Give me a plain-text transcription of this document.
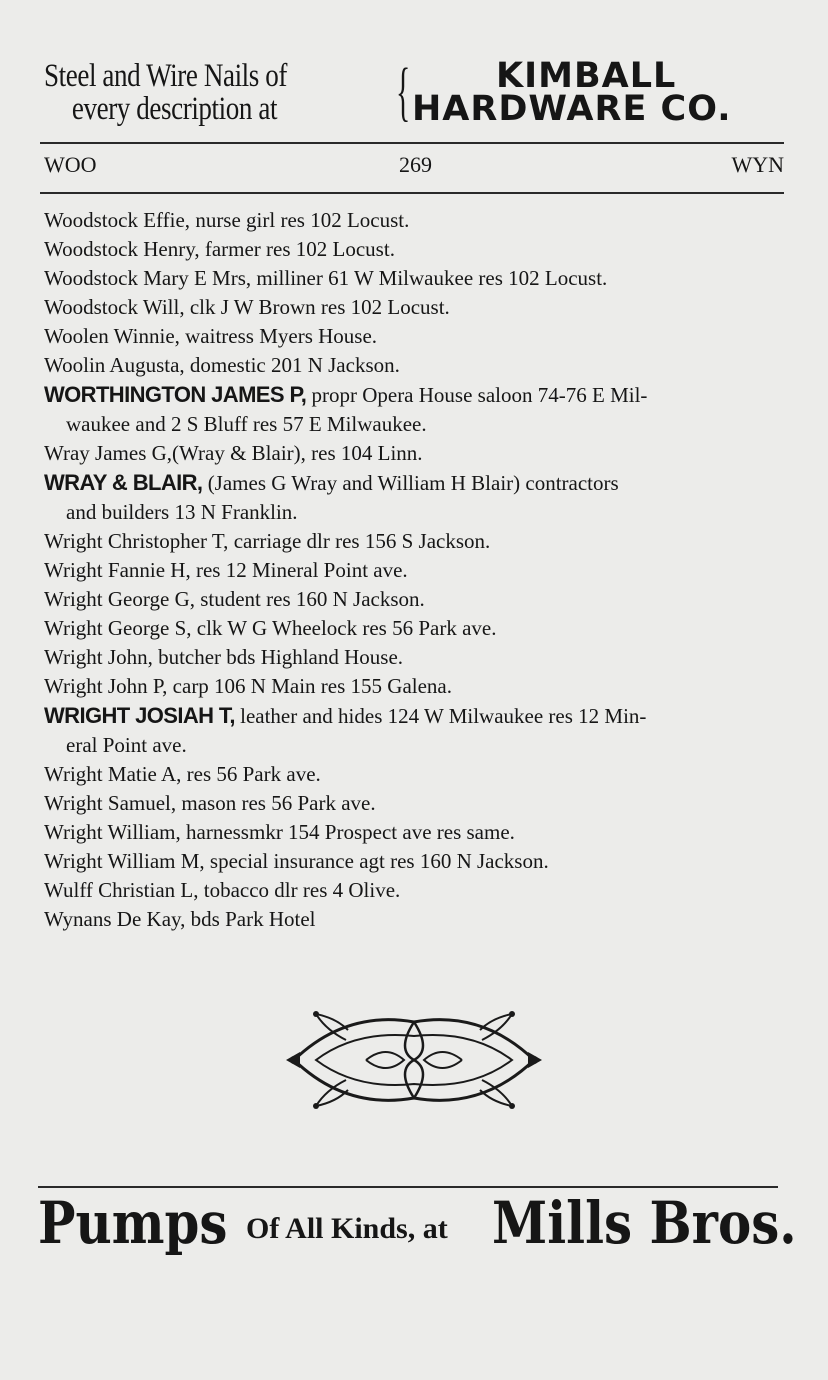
Steel and Wire Nails of
every description at	{	KIMBALL
HARDWARE CO.
WOO	269	WYN
Woodstock Effie, nurse girl res 102 Locust.
Woodstock Henry, farmer res 102 Locust.
Woodstock Mary E Mrs, milliner 61 W Milwaukee res 102 Locust.
Woodstock Will, clk J W Brown res 102 Locust.
Woolen Winnie, waitress Myers House.
Woolin Augusta, domestic 201 N Jackson.
WORTHINGTON JAMES P, propr Opera House saloon 74-76 E Mil-
waukee and 2 S Bluff res 57 E Milwaukee.
Wray James G,(Wray & Blair), res 104 Linn.
WRAY & BLAIR, (James G Wray and William H Blair) contractors
and builders 13 N Franklin.
Wright Christopher T, carriage dlr res 156 S Jackson.
Wright Fannie H, res 12 Mineral Point ave.
Wright George G, student res 160 N Jackson.
Wright George S, clk W G Wheelock res 56 Park ave.
Wright John, butcher bds Highland House.
Wright John P, carp 106 N Main res 155 Galena.
WRIGHT JOSIAH T, leather and hides 124 W Milwaukee res 12 Min-
eral Point ave.
Wright Matie A, res 56 Park ave.
Wright Samuel, mason res 56 Park ave.
Wright William, harnessmkr 154 Prospect ave res same.
Wright William M, special insurance agt res 160 N Jackson.
Wulff Christian L, tobacco dlr res 4 Olive.
Wynans De Kay, bds Park Hotel
Pumps Of All Kinds, at Mills Bros.
